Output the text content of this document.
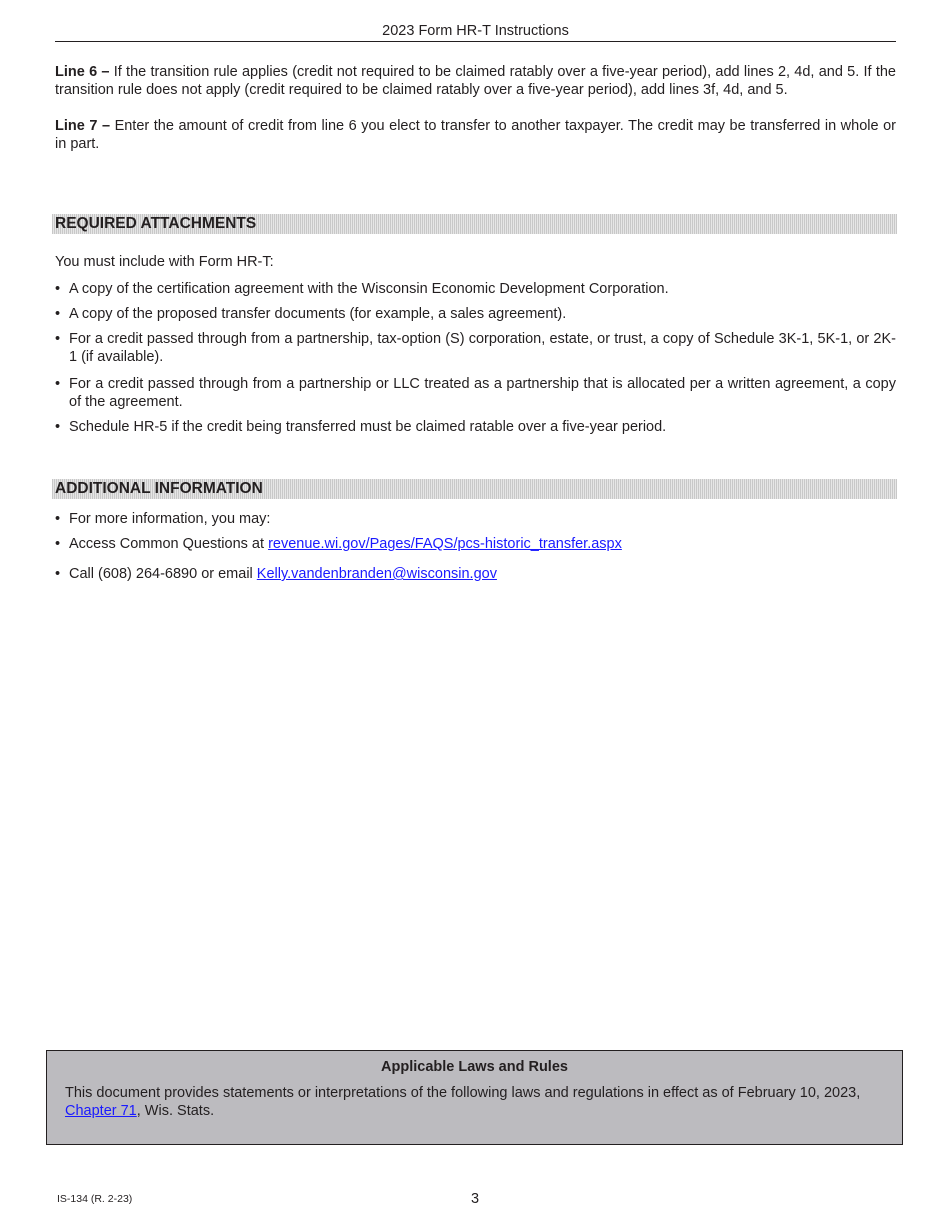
2023 Form HR-T Instructions
Line 6 – If the transition rule applies (credit not required to be claimed ratably over a five-year period), add lines 2, 4d, and 5. If the transition rule does not apply (credit required to be claimed ratably over a five-year period), add lines 3f, 4d, and 5.
Line 7 – Enter the amount of credit from line 6 you elect to transfer to another taxpayer. The credit may be transferred in whole or in part.
REQUIRED ATTACHMENTS
You must include with Form HR-T:
• A copy of the certification agreement with the Wisconsin Economic Development Corporation.
• A copy of the proposed transfer documents (for example, a sales agreement).
• For a credit passed through from a partnership, tax-option (S) corporation, estate, or trust, a copy of Schedule 3K-1, 5K-1, or 2K-1 (if available).
• For a credit passed through from a partnership or LLC treated as a partnership that is allocated per a written agreement, a copy of the agreement.
• Schedule HR-5 if the credit being transferred must be claimed ratable over a five-year period.
ADDITIONAL INFORMATION
• For more information, you may:
• Access Common Questions at revenue.wi.gov/Pages/FAQS/pcs-historic_transfer.aspx
• Call (608) 264-6890 or email Kelly.vandenbranden@wisconsin.gov
Applicable Laws and Rules
This document provides statements or interpretations of the following laws and regulations in effect as of February 10, 2023,
Chapter 71, Wis. Stats.
IS-134 (R. 2-23)	3
